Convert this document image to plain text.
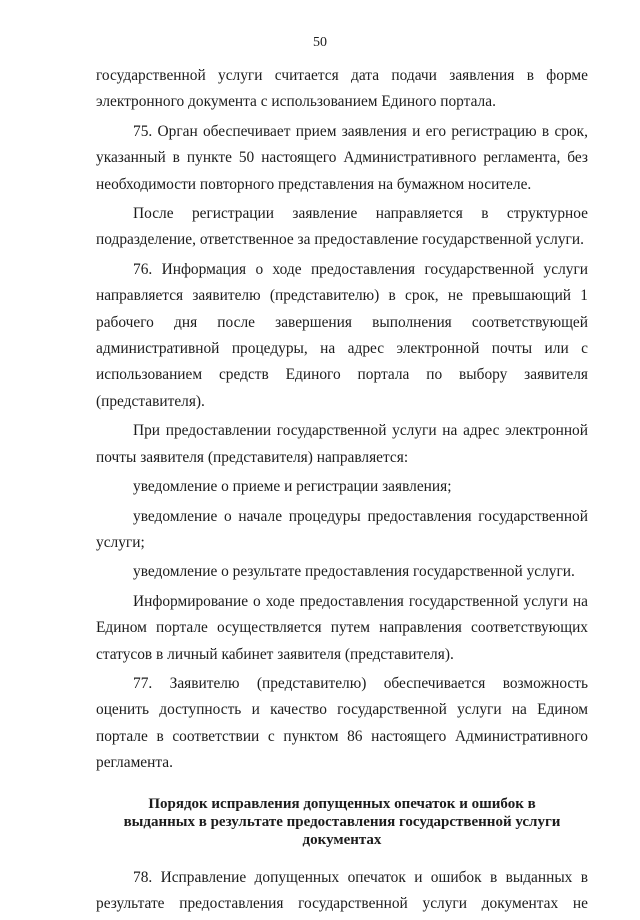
50

государственной услуги считается дата подачи заявления в форме электронного документа с использованием Единого портала.

75. Орган обеспечивает прием заявления и его регистрацию в срок, указанный в пункте 50 настоящего Административного регламента, без необходимости повторного представления на бумажном носителе.

После регистрации заявление направляется в структурное подразделение, ответственное за предоставление государственной услуги.

76. Информация о ходе предоставления государственной услуги направляется заявителю (представителю) в срок, не превышающий 1 рабочего дня после завершения выполнения соответствующей административной процедуры, на адрес электронной почты или с использованием средств Единого портала по выбору заявителя (представителя).

При предоставлении государственной услуги на адрес электронной почты заявителя (представителя) направляется:

уведомление о приеме и регистрации заявления;

уведомление о начале процедуры предоставления государственной услуги;

уведомление о результате предоставления государственной услуги.

Информирование о ходе предоставления государственной услуги на Едином портале осуществляется путем направления соответствующих статусов в личный кабинет заявителя (представителя).

77. Заявителю (представителю) обеспечивается возможность оценить доступность и качество государственной услуги на Едином портале в соответствии с пунктом 86 настоящего Административного регламента.

Порядок исправления допущенных опечаток и ошибок в
выданных в результате предоставления государственной услуги
документах

78. Исправление допущенных опечаток и ошибок в выданных в результате предоставления государственной услуги документах не
